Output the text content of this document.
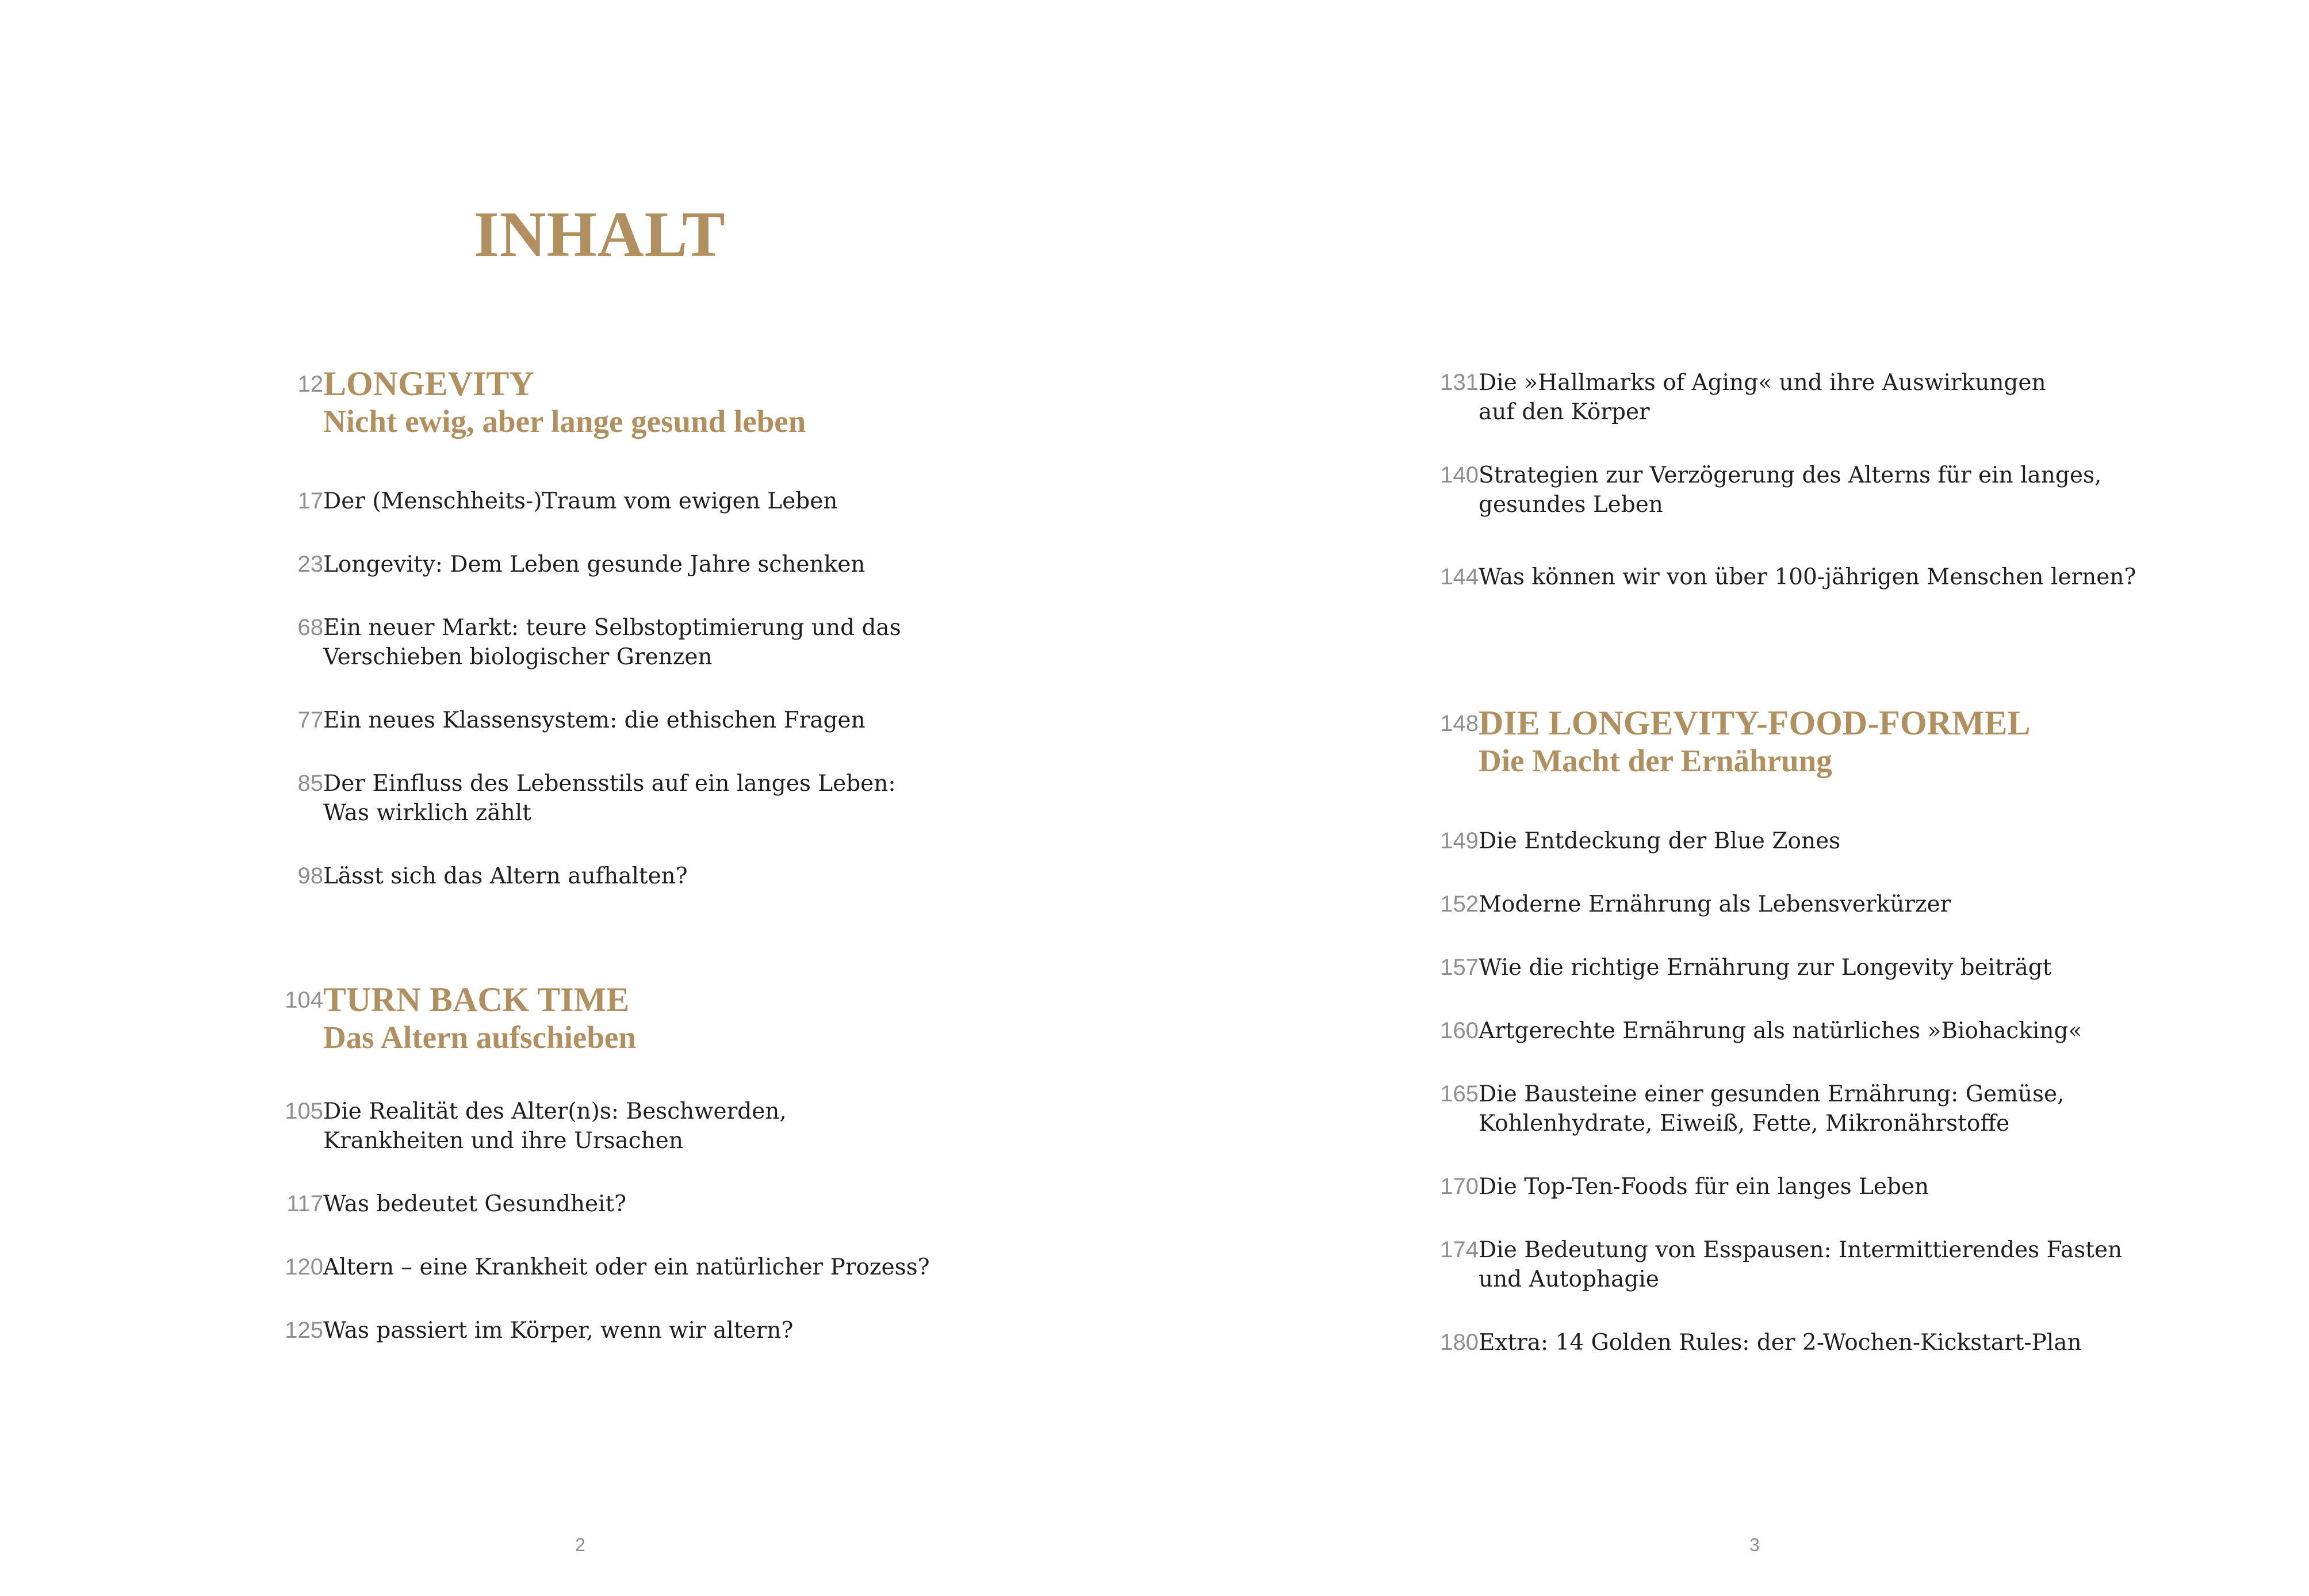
INHALT
12 LONGEVITY
Nicht ewig, aber lange gesund leben
17 Der (Menschheits-)Traum vom ewigen Leben
23 Longevity: Dem Leben gesunde Jahre schenken
68 Ein neuer Markt: teure Selbstoptimierung und das
Verschieben biologischer Grenzen
77 Ein neues Klassensystem: die ethischen Fragen
85 Der Einfluss des Lebensstils auf ein langes Leben:
Was wirklich zählt
98 Lässt sich das Altern aufhalten?
104 TURN BACK TIME
Das Altern aufschieben
105 Die Realität des Alter(n)s: Beschwerden,
Krankheiten und ihre Ursachen
117 Was bedeutet Gesundheit?
120 Altern – eine Krankheit oder ein natürlicher Prozess?
125 Was passiert im Körper, wenn wir altern?
131 Die »Hallmarks of Aging« und ihre Auswirkungen
auf den Körper
140 Strategien zur Verzögerung des Alterns für ein langes,
gesundes Leben
144 Was können wir von über 100-jährigen Menschen lernen?
148 DIE LONGEVITY-FOOD-FORMEL
Die Macht der Ernährung
149 Die Entdeckung der Blue Zones
152 Moderne Ernährung als Lebensverkürzer
157 Wie die richtige Ernährung zur Longevity beiträgt
160 Artgerechte Ernährung als natürliches »Biohacking«
165 Die Bausteine einer gesunden Ernährung: Gemüse,
Kohlenhydrate, Eiweiß, Fette, Mikronährstoffe
170 Die Top-Ten-Foods für ein langes Leben
174 Die Bedeutung von Esspausen: Intermittierendes Fasten
und Autophagie
180 Extra: 14 Golden Rules: der 2-Wochen-Kickstart-Plan
2	3
